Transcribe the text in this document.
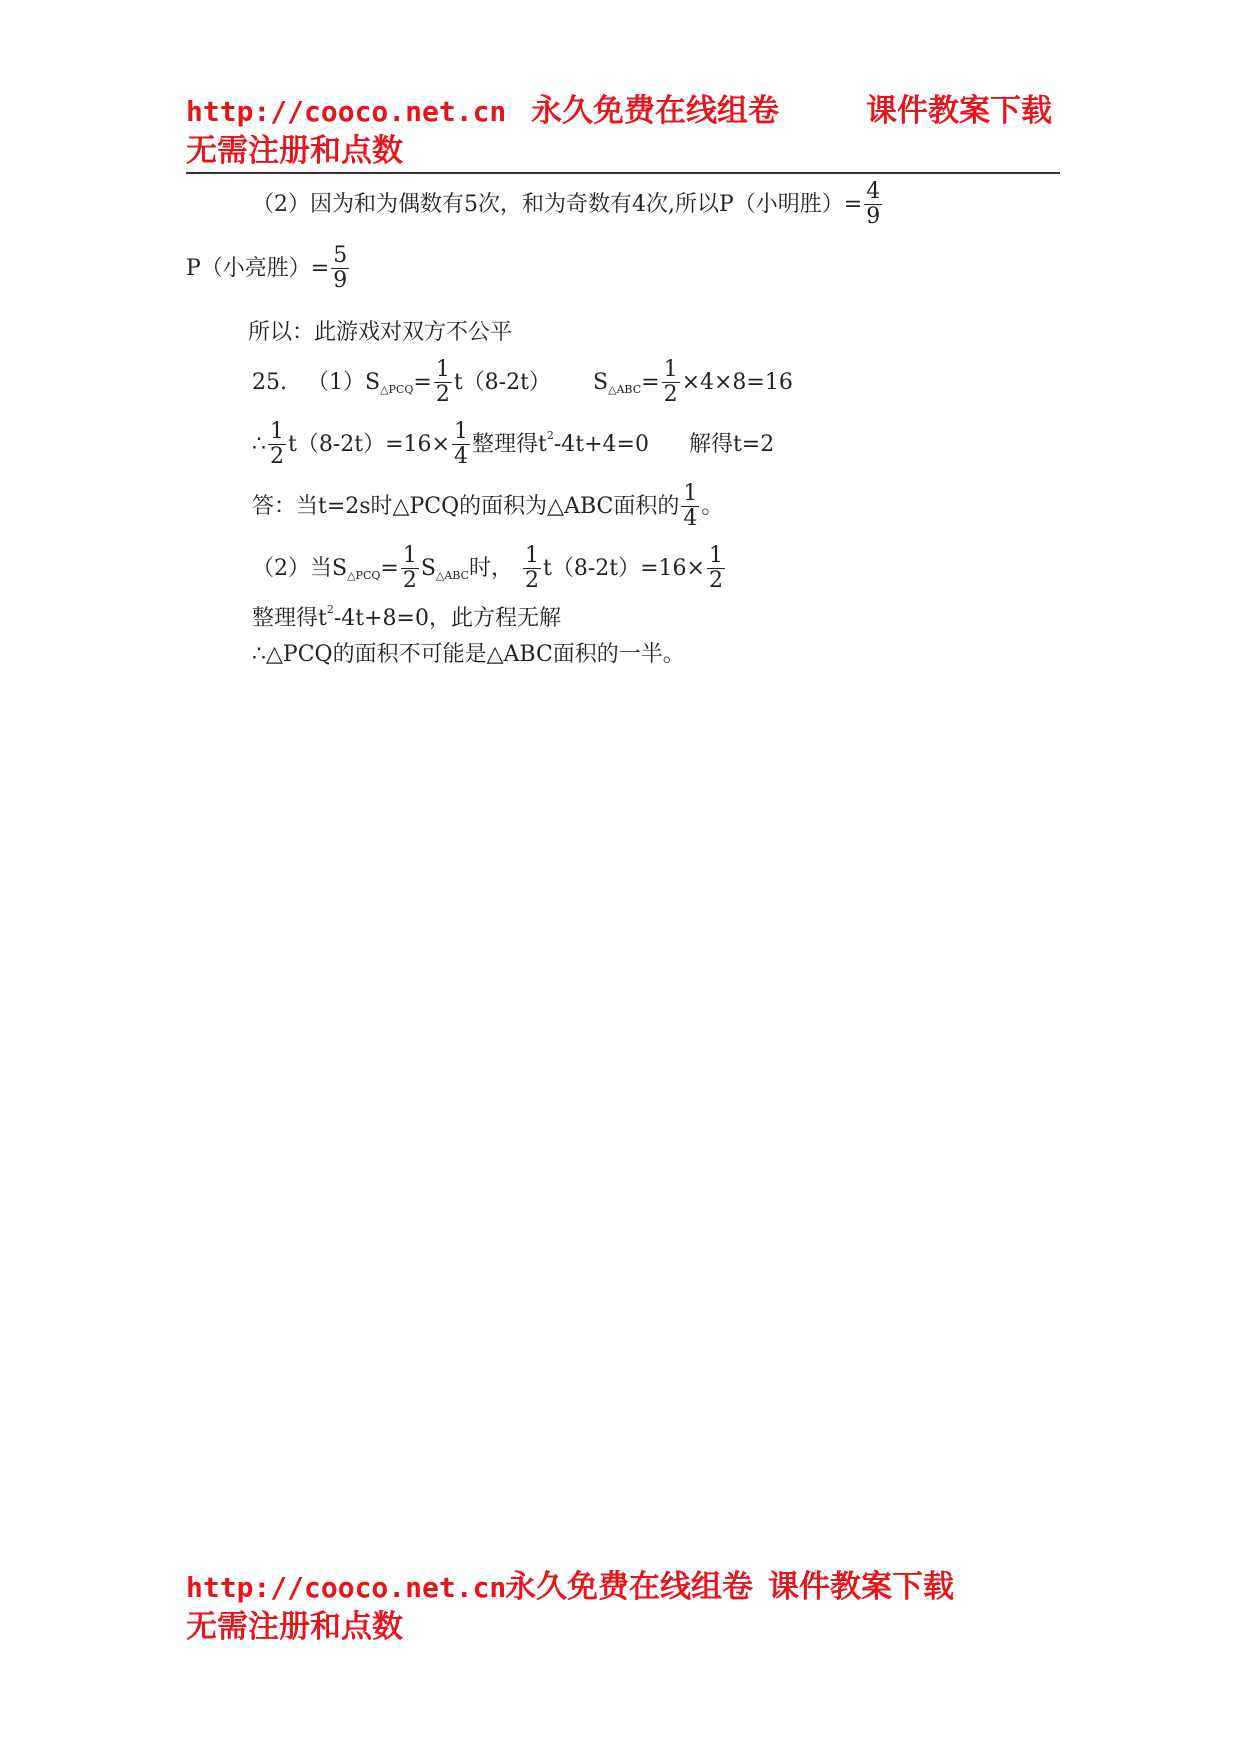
http://cooco.net.cn 永久免费在线组卷	课件教案下载
无需注册和点数
（2）因为和为偶数有5次，和为奇数有4次,所以P（小明胜）= $\frac{4}{9}$
P（小亮胜）= $\frac{5}{9}$
所以：此游戏对双方不公平
25. （1）S △PCQ = $\frac{1}{2} t(8-2t)$ S △ABC = $\frac{1}{2} \times 4\times 8=16$
∴ $\frac{1}{2} t(8-2t)=16\times \frac{1}{4}$ 整理得t 2 -4t+4=0 解得t=2
答：当t=2s时△PCQ的面积为△ABC面积的 $\frac{1}{4}$ 。
（2）当S △PCQ = $\frac{1}{2}$ S △ABC 时， $\frac{1}{2} t(8-2t)=16\times \frac{1}{2}$
整理得t 2 -4t+8=0，此方程无解
∴△PCQ的面积不可能是△ABC面积的一半。
http://cooco.net.cn
永久免费在线组卷 课件教案下载
无需注册和点数
